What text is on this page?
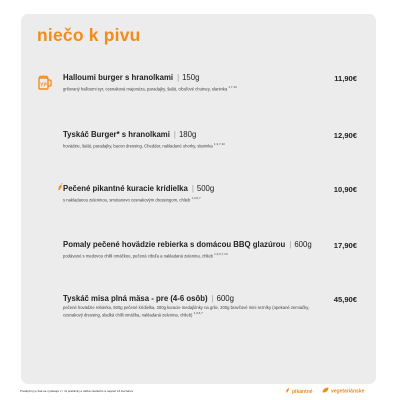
niečo k pivu
YP
Halloumi burger s hranolkami | 150g
grilovaný halloumi syr, cesnaková majonéza, paradajky, šalát, cibuľové chutney, slaninka $^{1,7,10}$
11,90€
Tyskáč Burger* s hranolkami | 180g
hovädzie, šalát, paradajky, bacon dressing, Cheddar, nakladané uhorky, slaninka $^{1,3,7,10}$
12,90€
Pečené pikantné kuracie krídielka | 500g
s nakladanou zeleninou, smotanovo cesnakovým dressingom, chlieb $^{1,3,6,7}$
10,90€
Pomaly pečené hovädzie rebierka s domácou BBQ glazúrou | 600g
podávané s medovou chilli omáčkou, pečená cibuľa a nakladaná zelenina, chlieb $^{1,3,6,7,10}$
17,90€
Tyskáč misa plná mäsa - pre (4-6 osôb) | 600g
pečené hovädzie rebierka, 500g pečené krídielka, 200g kuracie medajlónky na grile, 200g bravčové mini rezníky (opekané zemiačky, cesnakový dressing, sladká chilli omáčka, nakladaná zelenina, chlieb) $^{1,3,6,7}$
45,90€
Pretáp/cíp je tlak sa vydávajú v / ml prakticky a deľba všetkého a najviac 14 kuchárov	pikantné	vegetariánske
